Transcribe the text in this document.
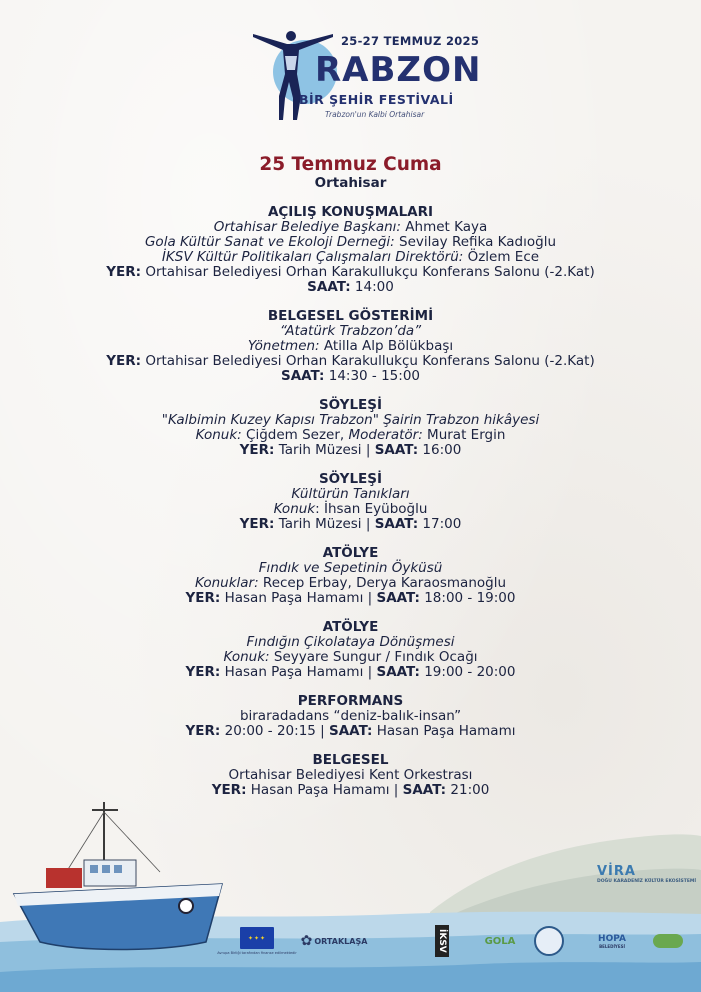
25-27 TEMMUZ 2025
RABZON
BİR ŞEHİR FESTİVALİ
Trabzon'un Kalbi Ortahisar
25 Temmuz Cuma
Ortahisar
AÇILIŞ KONUŞMALARI
Ortahisar Belediye Başkanı: Ahmet Kaya
Gola Kültür Sanat ve Ekoloji Derneği: Sevilay Refika Kadıoğlu
İKSV Kültür Politikaları Çalışmaları Direktörü: Özlem Ece
YER: Ortahisar Belediyesi Orhan Karakullukçu Konferans Salonu (-2.Kat)
SAAT: 14:00
BELGESEL GÖSTERİMİ
“Atatürk Trabzon’da”
Yönetmen: Atilla Alp Bölükbaşı
YER: Ortahisar Belediyesi Orhan Karakullukçu Konferans Salonu (-2.Kat)
SAAT: 14:30 - 15:00
SÖYLEŞİ
"Kalbimin Kuzey Kapısı Trabzon" Şairin Trabzon hikâyesi
Konuk: Çiğdem Sezer, Moderatör: Murat Ergin
YER: Tarih Müzesi | SAAT: 16:00
SÖYLEŞİ
Kültürün Tanıkları
Konuk: İhsan Eyüboğlu
YER: Tarih Müzesi | SAAT: 17:00
ATÖLYE
Fındık ve Sepetinin Öyküsü
Konuklar: Recep Erbay, Derya Karaosmanoğlu
YER: Hasan Paşa Hamamı | SAAT: 18:00 - 19:00
ATÖLYE
Fındığın Çikolataya Dönüşmesi
Konuk: Seyyare Sungur / Fındık Ocağı
YER: Hasan Paşa Hamamı | SAAT: 19:00 - 20:00
PERFORMANS
biraradadans “deniz-balık-insan”
YER: 20:00 - 20:15 | SAAT: Hasan Paşa Hamamı
BELGESEL
Ortahisar Belediyesi Kent Orkestrası
YER: Hasan Paşa Hamamı | SAAT: 21:00
VİRA
DOĞU KARADENİZ KÜLTÜR EKOSİSTEMİ
✦✦✦
Avrupa Birliği tarafından finanse edilmektedir
✿ ORTAKLAŞA	İKSV	GOLA	HOPA
BELEDİYESİ
